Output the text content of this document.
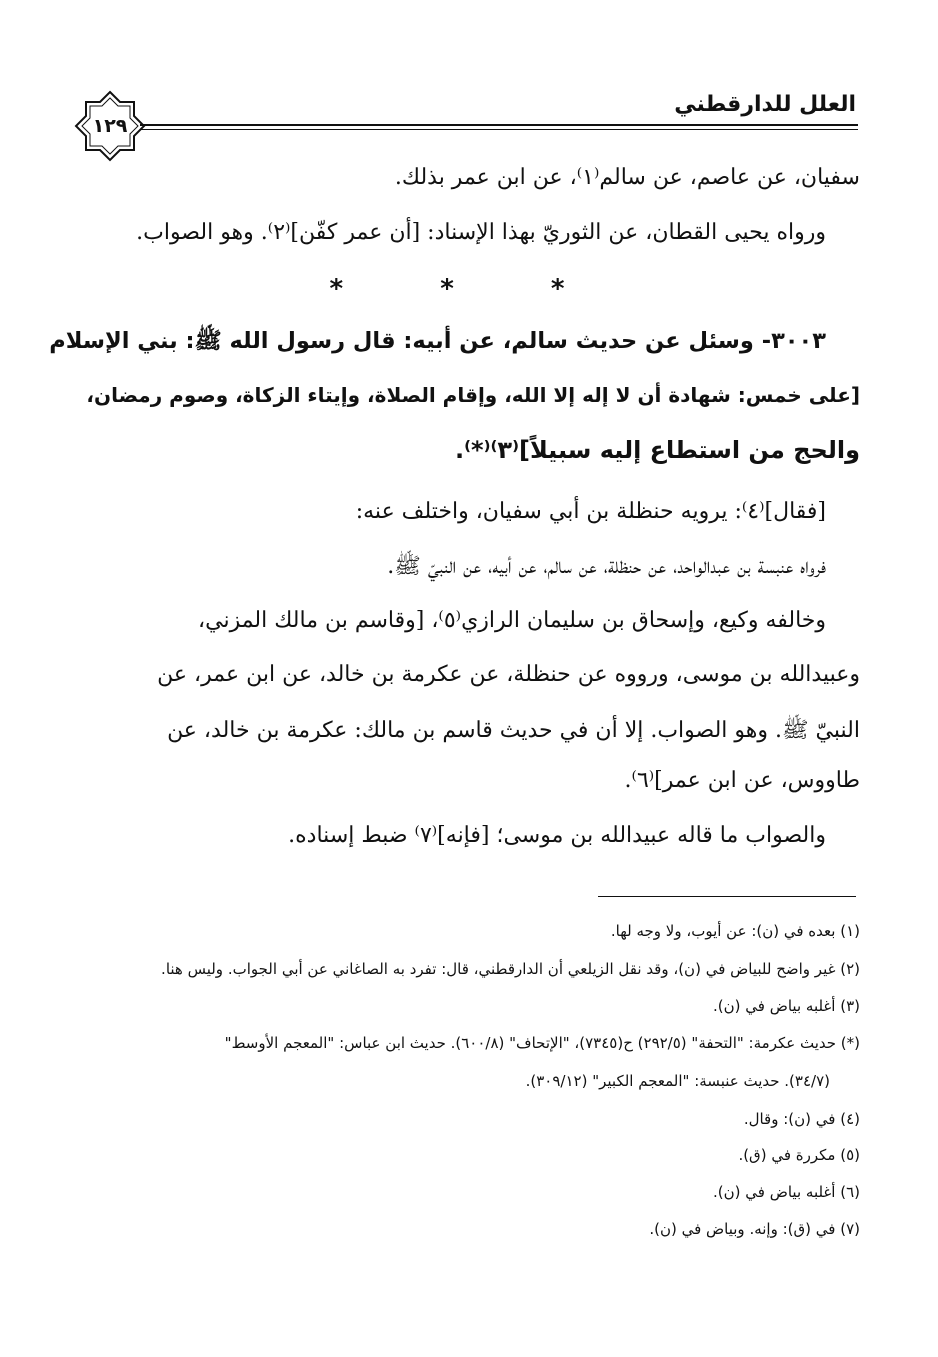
١٢٩
العلل للدارقطني
سفيان، عن عاصم، عن سالم⁽١⁾، عن ابن عمر بذلك.
ورواه يحيى القطان، عن الثوريّ بهذا الإسناد: [أن عمر كفّن]⁽٢⁾. وهو الصواب.
* * *
٣٠٠٣- وسئل عن حديث سالم، عن أبيه: قال رسول الله ﷺ: بني الإسلام
[على خمس: شهادة أن لا إله إلا الله، وإقام الصلاة، وإيتاء الزكاة، وصوم رمضان،
والحج من استطاع إليه سبيلاً]⁽٣⁾⁽*⁾.
[فقال]⁽٤⁾: يرويه حنظلة بن أبي سفيان، واختلف عنه:
فرواه عنبسة بن عبدالواحد، عن حنظلة، عن سالم، عن أبيه، عن النبيّ ﷺ.
وخالفه وكيع، وإسحاق بن سليمان الرازي⁽٥⁾، [وقاسم بن مالك المزني،
وعبيدالله بن موسى، ورووه عن حنظلة، عن عكرمة بن خالد، عن ابن عمر، عن
النبيّ ﷺ. وهو الصواب. إلا أن في حديث قاسم بن مالك: عكرمة بن خالد، عن
طاووس، عن ابن عمر]⁽٦⁾.
والصواب ما قاله عبيدالله بن موسى؛ [فإنه]⁽٧⁾ ضبط إسناده.
(١) بعده في (ن): عن أيوب، ولا وجه لها.
(٢) غير واضح للبياض في (ن)، وقد نقل الزيلعي أن الدارقطني، قال: تفرد به الصاغاني عن أبي الجواب. وليس هنا.
(٣) أغلبه بياض في (ن).
(*) حديث عكرمة: "التحفة" (٢٩٢/٥) ح(٧٣٤٥)، "الإتحاف" (٦٠٠/٨). حديث ابن عباس: "المعجم الأوسط"
(٣٤/٧). حديث عنبسة: "المعجم الكبير" (٣٠٩/١٢).
(٤) في (ن): وقال.
(٥) مكررة في (ق).
(٦) أغلبه بياض في (ن).
(٧) في (ق): وإنه. وبياض في (ن).
